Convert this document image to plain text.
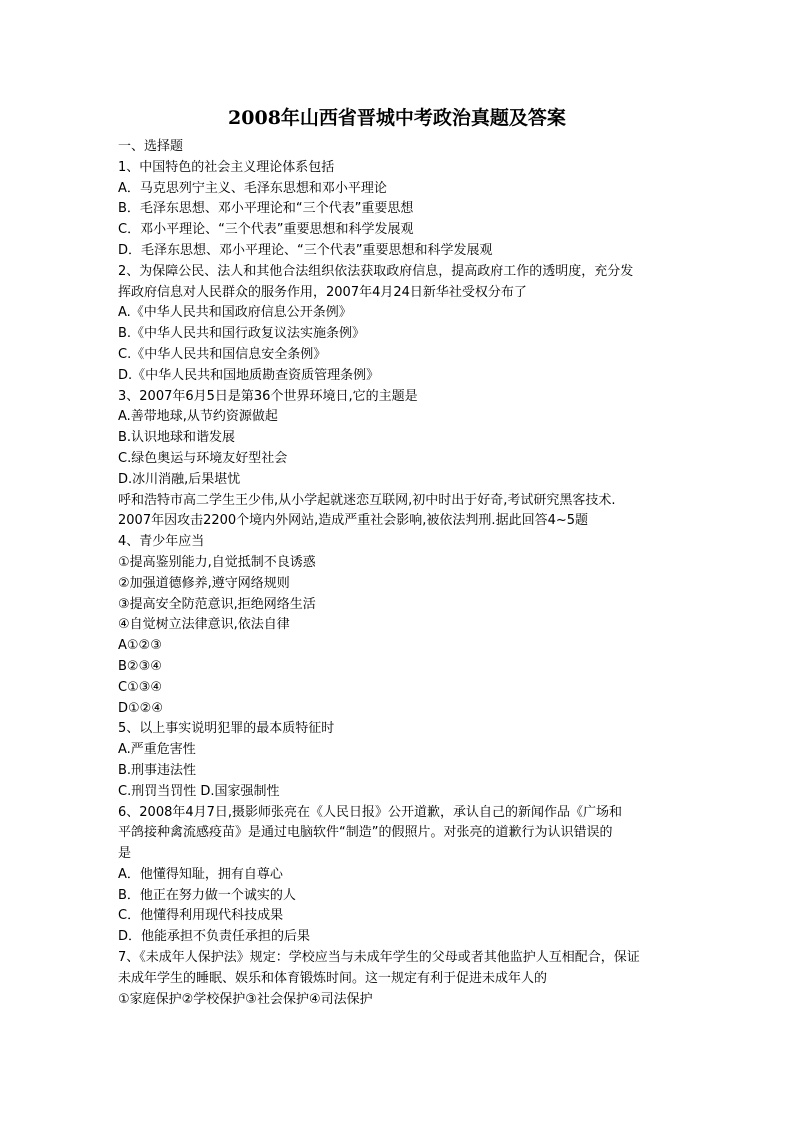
2008年山西省晋城中考政治真题及答案
一、选择题
1、中国特色的社会主义理论体系包括
A．马克思列宁主义、毛泽东思想和邓小平理论
B．毛泽东思想、邓小平理论和“三个代表”重要思想
C．邓小平理论、“三个代表”重要思想和科学发展观
D．毛泽东思想、邓小平理论、“三个代表”重要思想和科学发展观
2、为保障公民、法人和其他合法组织依法获取政府信息，提高政府工作的透明度，充分发
挥政府信息对人民群众的服务作用，2007年4月24日新华社受权分布了
A.《中华人民共和国政府信息公开条例》
B.《中华人民共和国行政复议法实施条例》
C.《中华人民共和国信息安全条例》
D.《中华人民共和国地质勘查资质管理条例》
3、2007年6月5日是第36个世界环境日,它的主题是
A.善带地球,从节约资源做起
B.认识地球和谐发展
C.绿色奥运与环境友好型社会
D.冰川消融,后果堪忧
呼和浩特市高二学生王少伟,从小学起就迷恋互联网,初中时出于好奇,考试研究黑客技术.
2007年因攻击2200个境内外网站,造成严重社会影响,被依法判刑.据此回答4~5题
4、青少年应当
①提高鉴别能力,自觉抵制不良诱惑
②加强道德修养,遵守网络规则
③提高安全防范意识,拒绝网络生活
④自觉树立法律意识,依法自律
A①②③
B②③④
C①③④
D①②④
5、以上事实说明犯罪的最本质特征时
A.严重危害性
B.刑事违法性
C.刑罚当罚性 D.国家强制性
6、2008年4月7日,摄影师张亮在《人民日报》公开道歉，承认自己的新闻作品《广场和
平鸽接种禽流感疫苗》是通过电脑软件“制造”的假照片。对张亮的道歉行为认识错误的
是
A．他懂得知耻，拥有自尊心
B．他正在努力做一个诚实的人
C．他懂得利用现代科技成果
D．他能承担不负责任承担的后果
7、《未成年人保护法》规定：学校应当与未成年学生的父母或者其他监护人互相配合，保证
未成年学生的睡眠、娱乐和体育锻炼时间。这一规定有利于促进未成年人的
①家庭保护②学校保护③社会保护④司法保护
